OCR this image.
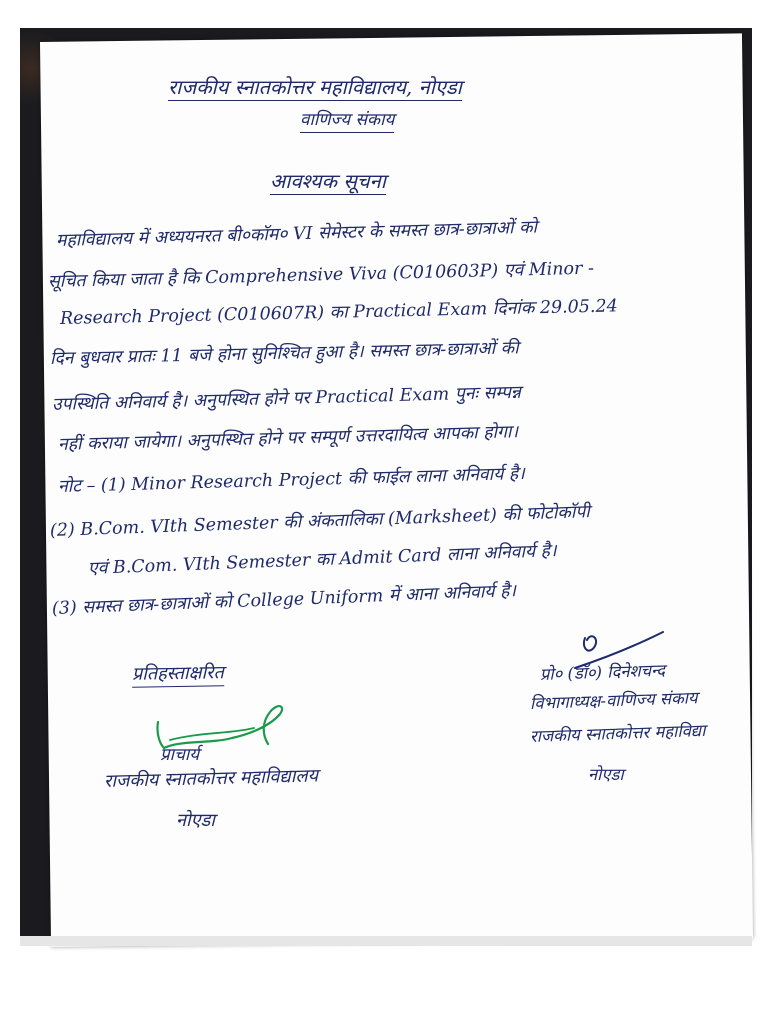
राजकीय स्नातकोत्तर महाविद्यालय, नोएडा
वाणिज्य संकाय
आवश्यक सूचना
महाविद्यालय में अध्ययनरत बी०कॉम० VI सेमेस्टर के समस्त छात्र-छात्राओं को
सूचित किया जाता है कि Comprehensive Viva (C010603P) एवं Minor -
Research Project (C010607R) का Practical Exam दिनांक 29.05.24
दिन बुधवार प्रातः 11 बजे होना सुनिश्चित हुआ है। समस्त छात्र-छात्राओं की
उपस्थिति अनिवार्य है। अनुपस्थित होने पर Practical Exam पुनः सम्पन्न
नहीं कराया जायेगा। अनुपस्थित होने पर सम्पूर्ण उत्तरदायित्व आपका होगा।
नोट – (1) Minor Research Project की फाईल लाना अनिवार्य है।
(2) B.Com. VIth Semester की अंकतालिका (Marksheet) की फोटोकॉपी
एवं B.Com. VIth Semester का Admit Card लाना अनिवार्य है।
(3) समस्त छात्र-छात्राओं को College Uniform में आना अनिवार्य है।
प्रतिहस्ताक्षरित
प्राचार्य
राजकीय स्नातकोत्तर महाविद्यालय
नोएडा
प्रो० (डॉ०) दिनेशचन्द
विभागाध्यक्ष-वाणिज्य संकाय
राजकीय स्नातकोत्तर महाविद्या
नोएडा
